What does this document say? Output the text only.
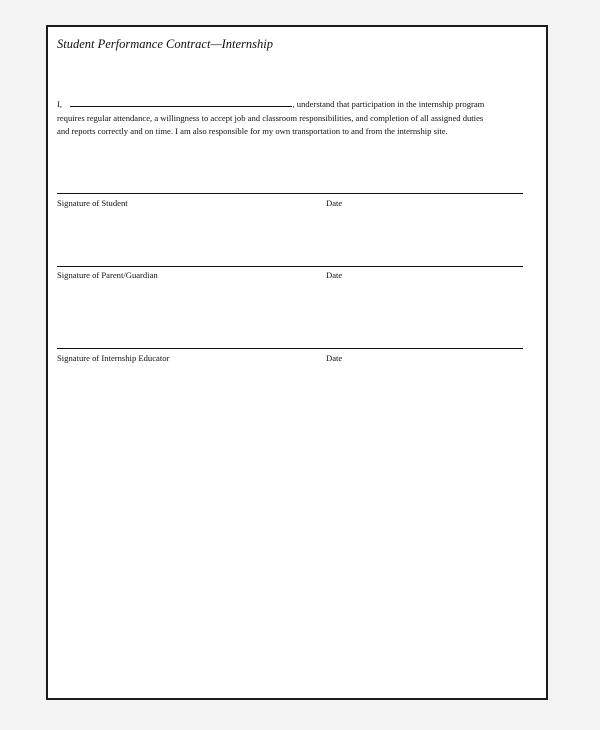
Student Performance Contract—Internship
I,	, understand that participation in the internship program
requires regular attendance, a willingness to accept job and classroom responsibilities, and completion of all assigned duties
and reports correctly and on time. I am also responsible for my own transportation to and from the internship site.
Signature of Student	Date
Signature of Parent/Guardian	Date
Signature of Internship Educator	Date
